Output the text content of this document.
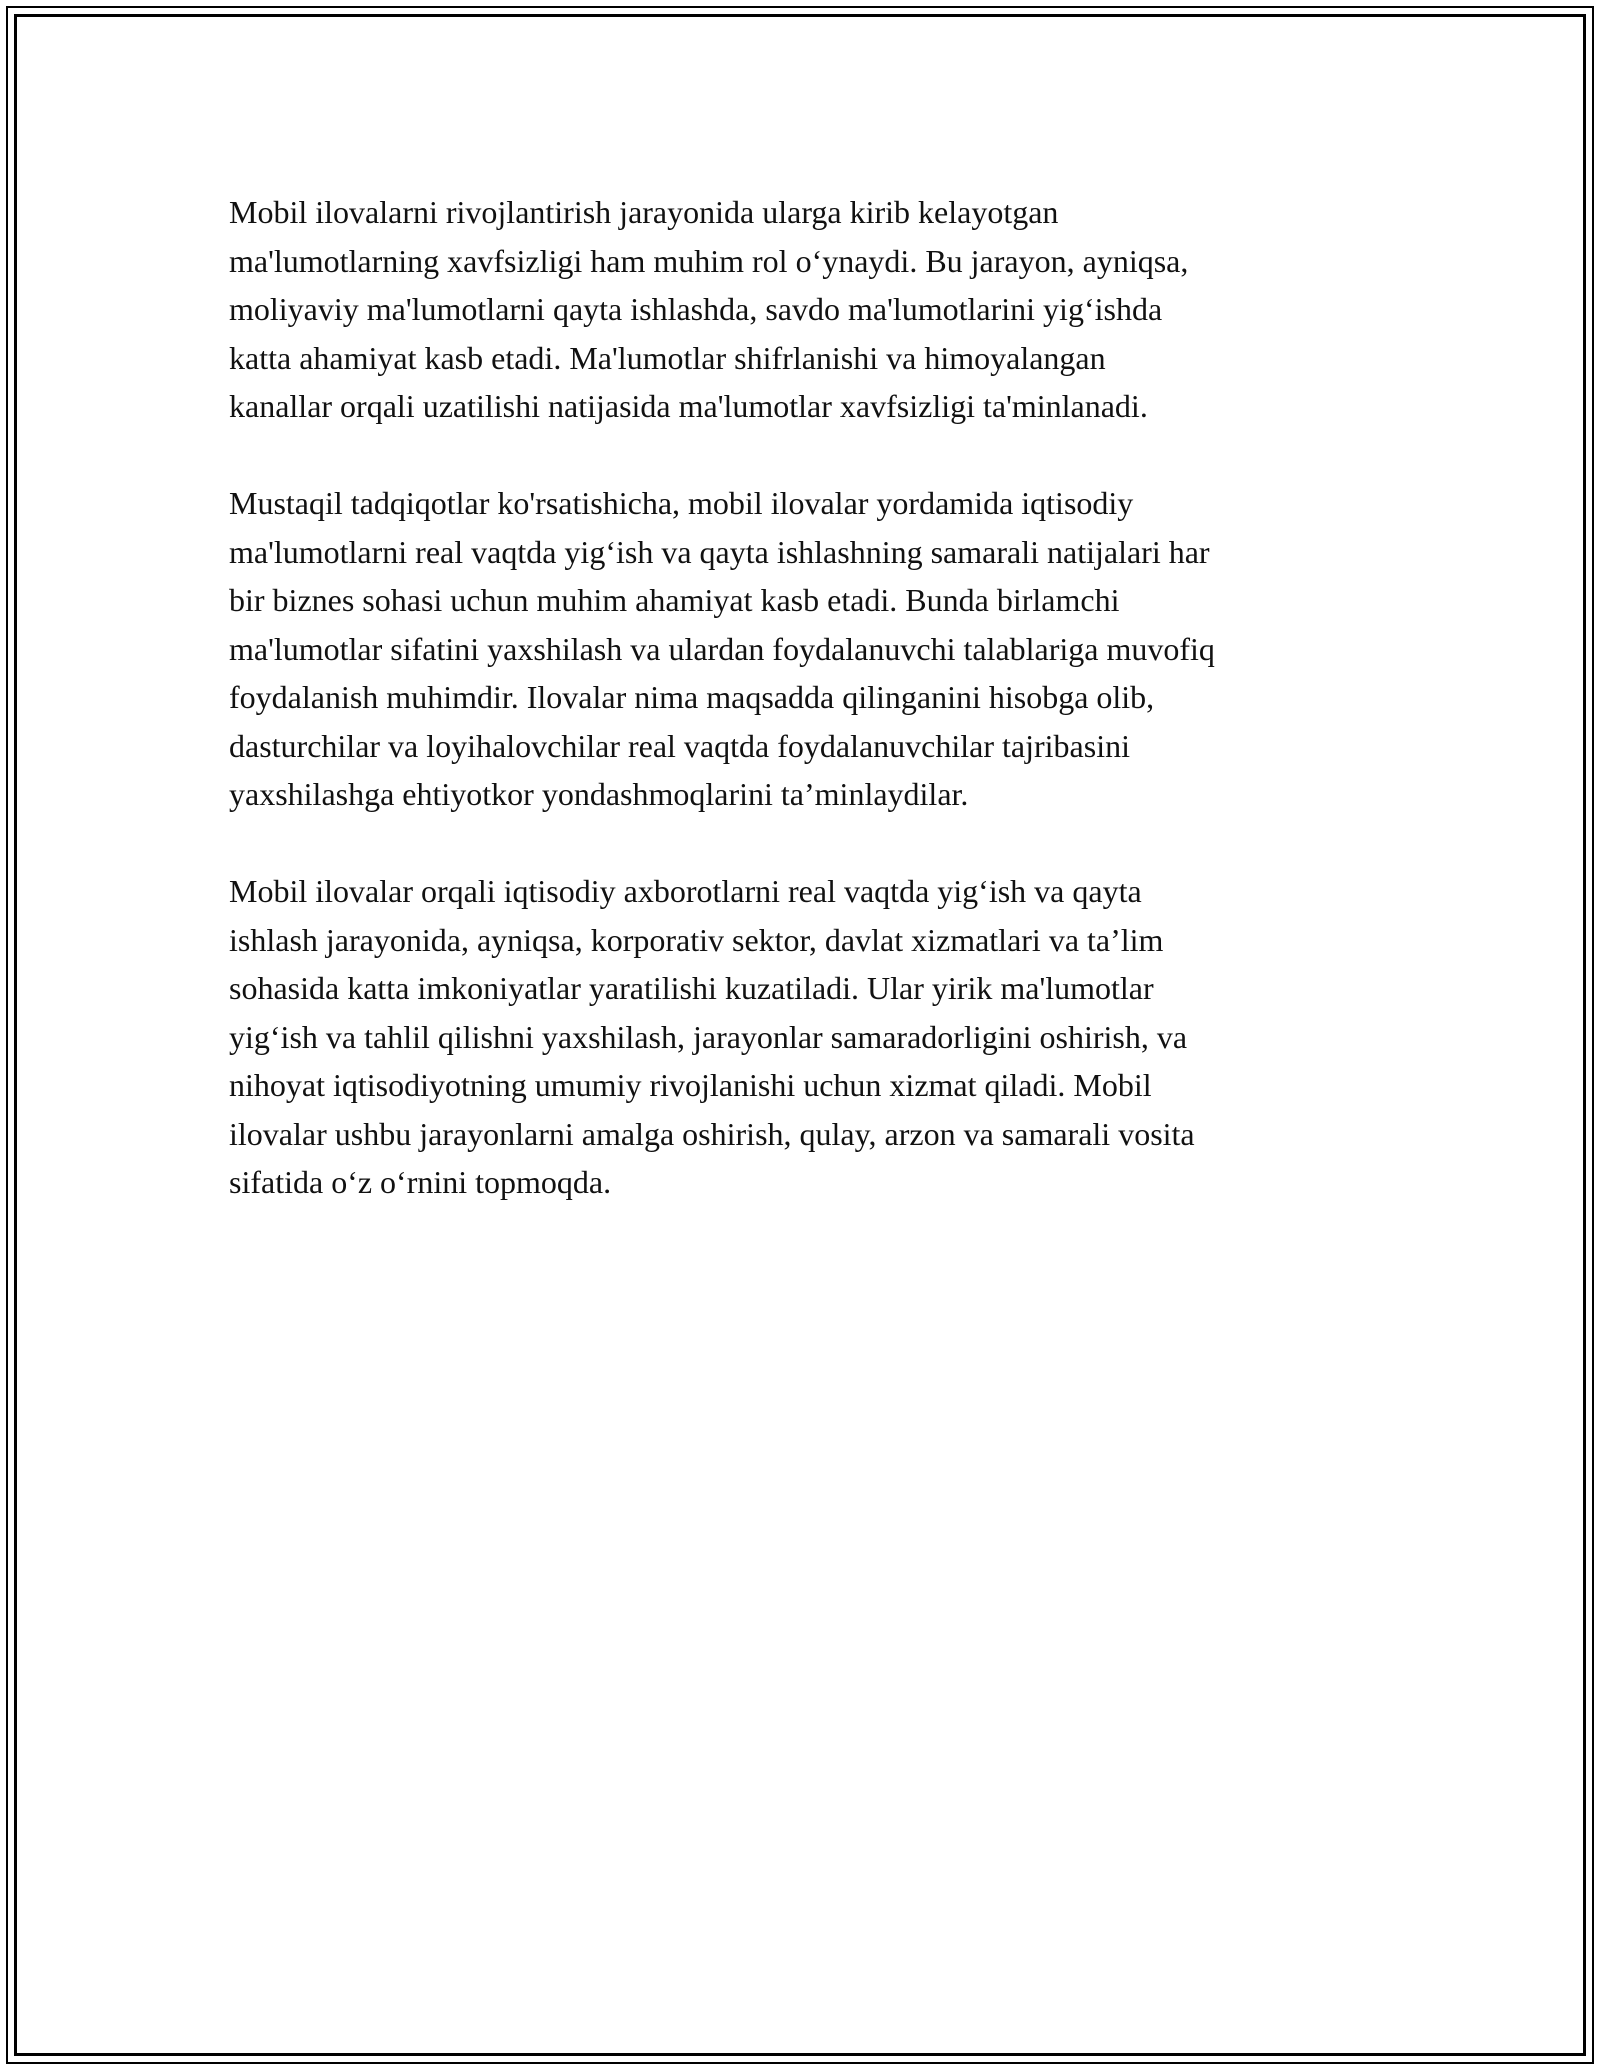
Mobil ilovalarni rivojlantirish jarayonida ularga kirib kelayotgan
ma'lumotlarning xavfsizligi ham muhim rol o‘ynaydi. Bu jarayon, ayniqsa,
moliyaviy ma'lumotlarni qayta ishlashda, savdo ma'lumotlarini yig‘ishda
katta ahamiyat kasb etadi. Ma'lumotlar shifrlanishi va himoyalangan
kanallar orqali uzatilishi natijasida ma'lumotlar xavfsizligi ta'minlanadi.

Mustaqil tadqiqotlar ko'rsatishicha, mobil ilovalar yordamida iqtisodiy
ma'lumotlarni real vaqtda yig‘ish va qayta ishlashning samarali natijalari har
bir biznes sohasi uchun muhim ahamiyat kasb etadi. Bunda birlamchi
ma'lumotlar sifatini yaxshilash va ulardan foydalanuvchi talablariga muvofiq
foydalanish muhimdir. Ilovalar nima maqsadda qilinganini hisobga olib,
dasturchilar va loyihalovchilar real vaqtda foydalanuvchilar tajribasini
yaxshilashga ehtiyotkor yondashmoqlarini ta’minlaydilar.

Mobil ilovalar orqali iqtisodiy axborotlarni real vaqtda yig‘ish va qayta
ishlash jarayonida, ayniqsa, korporativ sektor, davlat xizmatlari va ta’lim
sohasida katta imkoniyatlar yaratilishi kuzatiladi. Ular yirik ma'lumotlar
yig‘ish va tahlil qilishni yaxshilash, jarayonlar samaradorligini oshirish, va
nihoyat iqtisodiyotning umumiy rivojlanishi uchun xizmat qiladi. Mobil
ilovalar ushbu jarayonlarni amalga oshirish, qulay, arzon va samarali vosita
sifatida o‘z o‘rnini topmoqda.
